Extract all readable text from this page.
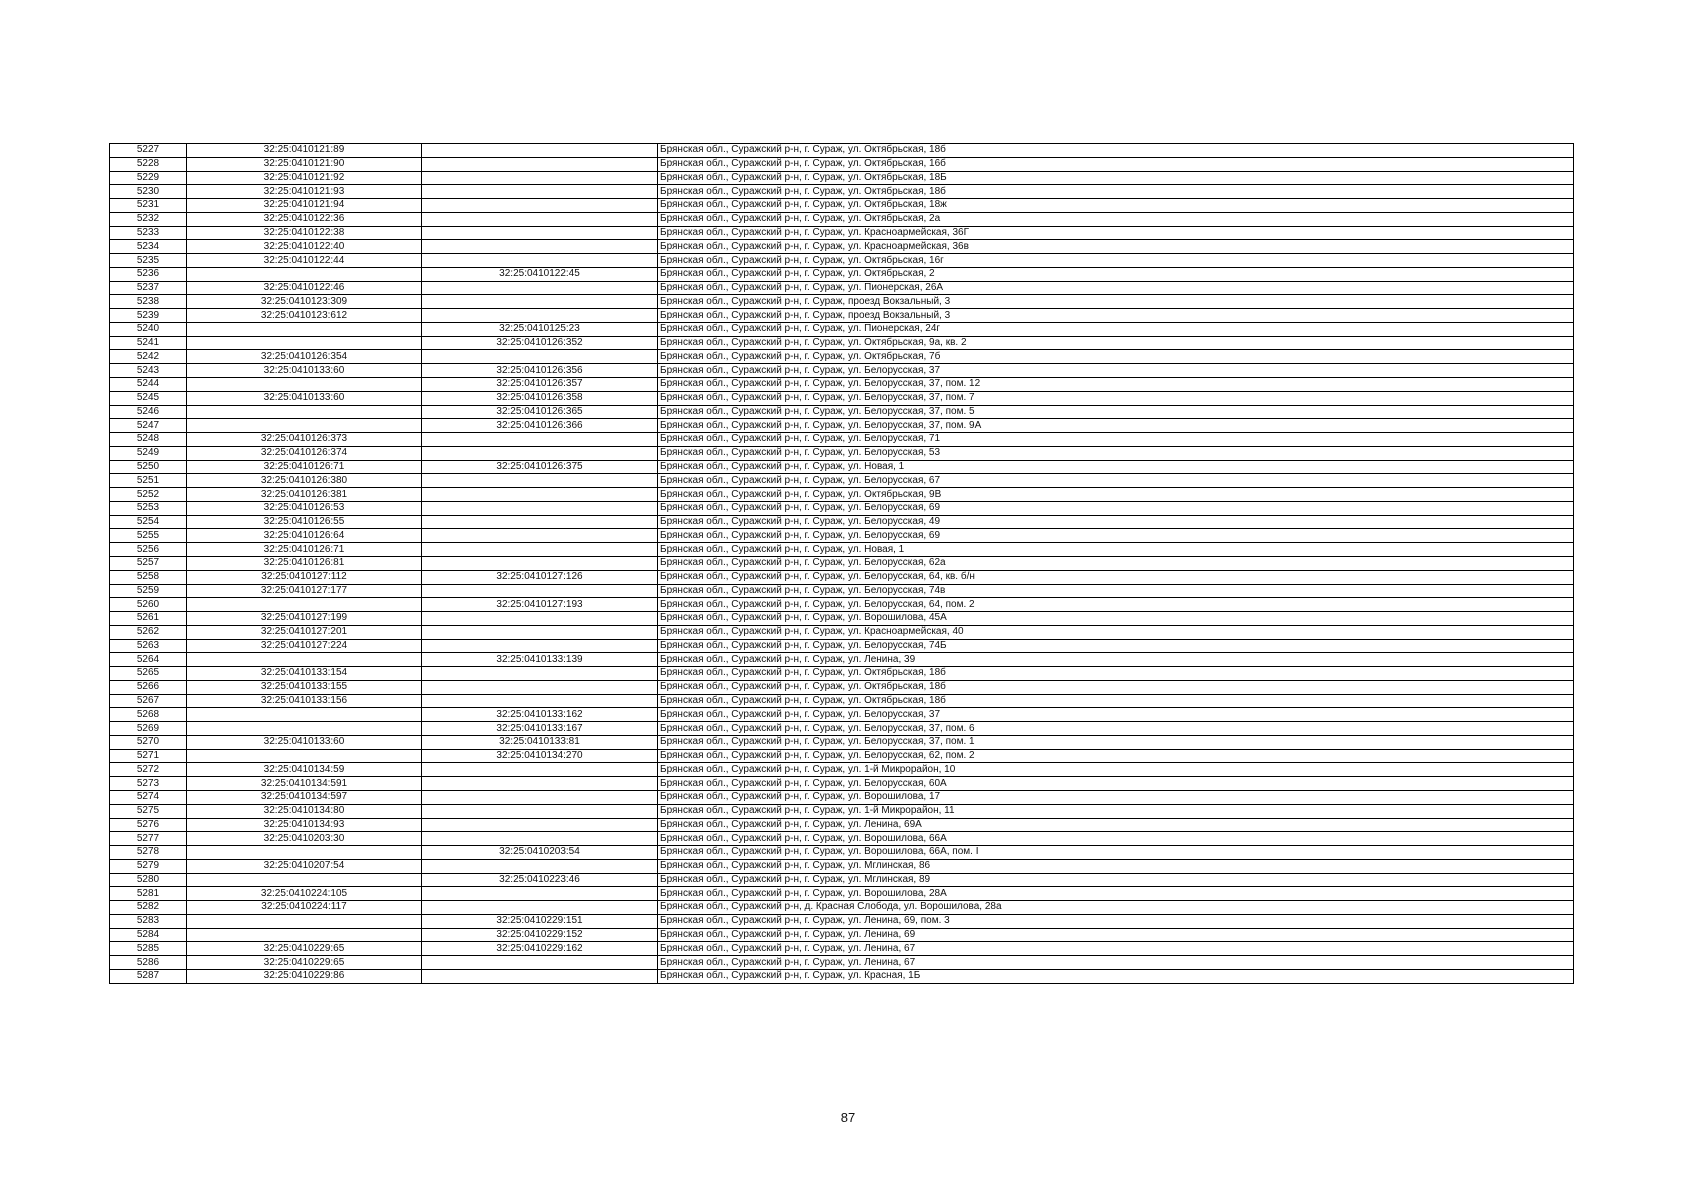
5227	32:25:0410121:89		Брянская обл., Суражский р-н, г. Сураж, ул. Октябрьская, 18б
5228	32:25:0410121:90		Брянская обл., Суражский р-н, г. Сураж, ул. Октябрьская, 16б
5229	32:25:0410121:92		Брянская обл., Суражский р-н, г. Сураж, ул. Октябрьская, 18Б
5230	32:25:0410121:93		Брянская обл., Суражский р-н, г. Сураж, ул. Октябрьская, 18б
5231	32:25:0410121:94		Брянская обл., Суражский р-н, г. Сураж, ул. Октябрьская, 18ж
5232	32:25:0410122:36		Брянская обл., Суражский р-н, г. Сураж, ул. Октябрьская, 2а
5233	32:25:0410122:38		Брянская обл., Суражский р-н, г. Сураж, ул. Красноармейская, 36Г
5234	32:25:0410122:40		Брянская обл., Суражский р-н, г. Сураж, ул. Красноармейская, 36в
5235	32:25:0410122:44		Брянская обл., Суражский р-н, г. Сураж, ул. Октябрьская, 16г
5236		32:25:0410122:45	Брянская обл., Суражский р-н, г. Сураж, ул. Октябрьская, 2
5237	32:25:0410122:46		Брянская обл., Суражский р-н, г. Сураж, ул. Пионерская, 26А
5238	32:25:0410123:309		Брянская обл., Суражский р-н, г. Сураж, проезд Вокзальный, 3
5239	32:25:0410123:612		Брянская обл., Суражский р-н, г. Сураж, проезд Вокзальный, 3
5240		32:25:0410125:23	Брянская обл., Суражский р-н, г. Сураж, ул. Пионерская, 24г
5241		32:25:0410126:352	Брянская обл., Суражский р-н, г. Сураж, ул. Октябрьская, 9а, кв. 2
5242	32:25:0410126:354		Брянская обл., Суражский р-н, г. Сураж, ул. Октябрьская, 7б
5243	32:25:0410133:60	32:25:0410126:356	Брянская обл., Суражский р-н, г. Сураж, ул. Белорусская, 37
5244		32:25:0410126:357	Брянская обл., Суражский р-н, г. Сураж, ул. Белорусская, 37, пом. 12
5245	32:25:0410133:60	32:25:0410126:358	Брянская обл., Суражский р-н, г. Сураж, ул. Белорусская, 37, пом. 7
5246		32:25:0410126:365	Брянская обл., Суражский р-н, г. Сураж, ул. Белорусская, 37, пом. 5
5247		32:25:0410126:366	Брянская обл., Суражский р-н, г. Сураж, ул. Белорусская, 37, пом. 9А
5248	32:25:0410126:373		Брянская обл., Суражский р-н, г. Сураж, ул. Белорусская, 71
5249	32:25:0410126:374		Брянская обл., Суражский р-н, г. Сураж, ул. Белорусская, 53
5250	32:25:0410126:71	32:25:0410126:375	Брянская обл., Суражский р-н, г. Сураж, ул. Новая, 1
5251	32:25:0410126:380		Брянская обл., Суражский р-н, г. Сураж, ул. Белорусская, 67
5252	32:25:0410126:381		Брянская обл., Суражский р-н, г. Сураж, ул. Октябрьская, 9В
5253	32:25:0410126:53		Брянская обл., Суражский р-н, г. Сураж, ул. Белорусская, 69
5254	32:25:0410126:55		Брянская обл., Суражский р-н, г. Сураж, ул. Белорусская, 49
5255	32:25:0410126:64		Брянская обл., Суражский р-н, г. Сураж, ул. Белорусская, 69
5256	32:25:0410126:71		Брянская обл., Суражский р-н, г. Сураж, ул. Новая, 1
5257	32:25:0410126:81		Брянская обл., Суражский р-н, г. Сураж, ул. Белорусская, 62а
5258	32:25:0410127:112	32:25:0410127:126	Брянская обл., Суражский р-н, г. Сураж, ул. Белорусская, 64, кв. б/н
5259	32:25:0410127:177		Брянская обл., Суражский р-н, г. Сураж, ул. Белорусская, 74в
5260		32:25:0410127:193	Брянская обл., Суражский р-н, г. Сураж, ул. Белорусская, 64, пом. 2
5261	32:25:0410127:199		Брянская обл., Суражский р-н, г. Сураж, ул. Ворошилова, 45А
5262	32:25:0410127:201		Брянская обл., Суражский р-н, г. Сураж, ул. Красноармейская, 40
5263	32:25:0410127:224		Брянская обл., Суражский р-н, г. Сураж, ул. Белорусская, 74Б
5264		32:25:0410133:139	Брянская обл., Суражский р-н, г. Сураж, ул. Ленина, 39
5265	32:25:0410133:154		Брянская обл., Суражский р-н, г. Сураж, ул. Октябрьская, 18б
5266	32:25:0410133:155		Брянская обл., Суражский р-н, г. Сураж, ул. Октябрьская, 18б
5267	32:25:0410133:156		Брянская обл., Суражский р-н, г. Сураж, ул. Октябрьская, 18б
5268		32:25:0410133:162	Брянская обл., Суражский р-н, г. Сураж, ул. Белорусская, 37
5269		32:25:0410133:167	Брянская обл., Суражский р-н, г. Сураж, ул. Белорусская, 37, пом. 6
5270	32:25:0410133:60	32:25:0410133:81	Брянская обл., Суражский р-н, г. Сураж, ул. Белорусская, 37, пом. 1
5271		32:25:0410134:270	Брянская обл., Суражский р-н, г. Сураж, ул. Белорусская, 62, пом. 2
5272	32:25:0410134:59		Брянская обл., Суражский р-н, г. Сураж, ул. 1-й Микрорайон, 10
5273	32:25:0410134:591		Брянская обл., Суражский р-н, г. Сураж, ул. Белорусская, 60А
5274	32:25:0410134:597		Брянская обл., Суражский р-н, г. Сураж, ул. Ворошилова, 17
5275	32:25:0410134:80		Брянская обл., Суражский р-н, г. Сураж, ул. 1-й Микрорайон, 11
5276	32:25:0410134:93		Брянская обл., Суражский р-н, г. Сураж, ул. Ленина, 69А
5277	32:25:0410203:30		Брянская обл., Суражский р-н, г. Сураж, ул. Ворошилова, 66А
5278		32:25:0410203:54	Брянская обл., Суражский р-н, г. Сураж, ул. Ворошилова, 66А, пом. I
5279	32:25:0410207:54		Брянская обл., Суражский р-н, г. Сураж, ул. Мглинская, 86
5280		32:25:0410223:46	Брянская обл., Суражский р-н, г. Сураж, ул. Мглинская, 89
5281	32:25:0410224:105		Брянская обл., Суражский р-н, г. Сураж, ул. Ворошилова, 28А
5282	32:25:0410224:117		Брянская обл., Суражский р-н, д. Красная Слобода, ул. Ворошилова, 28а
5283		32:25:0410229:151	Брянская обл., Суражский р-н, г. Сураж, ул. Ленина, 69, пом. 3
5284		32:25:0410229:152	Брянская обл., Суражский р-н, г. Сураж, ул. Ленина, 69
5285	32:25:0410229:65	32:25:0410229:162	Брянская обл., Суражский р-н, г. Сураж, ул. Ленина, 67
5286	32:25:0410229:65		Брянская обл., Суражский р-н, г. Сураж, ул. Ленина, 67
5287	32:25:0410229:86		Брянская обл., Суражский р-н, г. Сураж, ул. Красная, 1Б
87
